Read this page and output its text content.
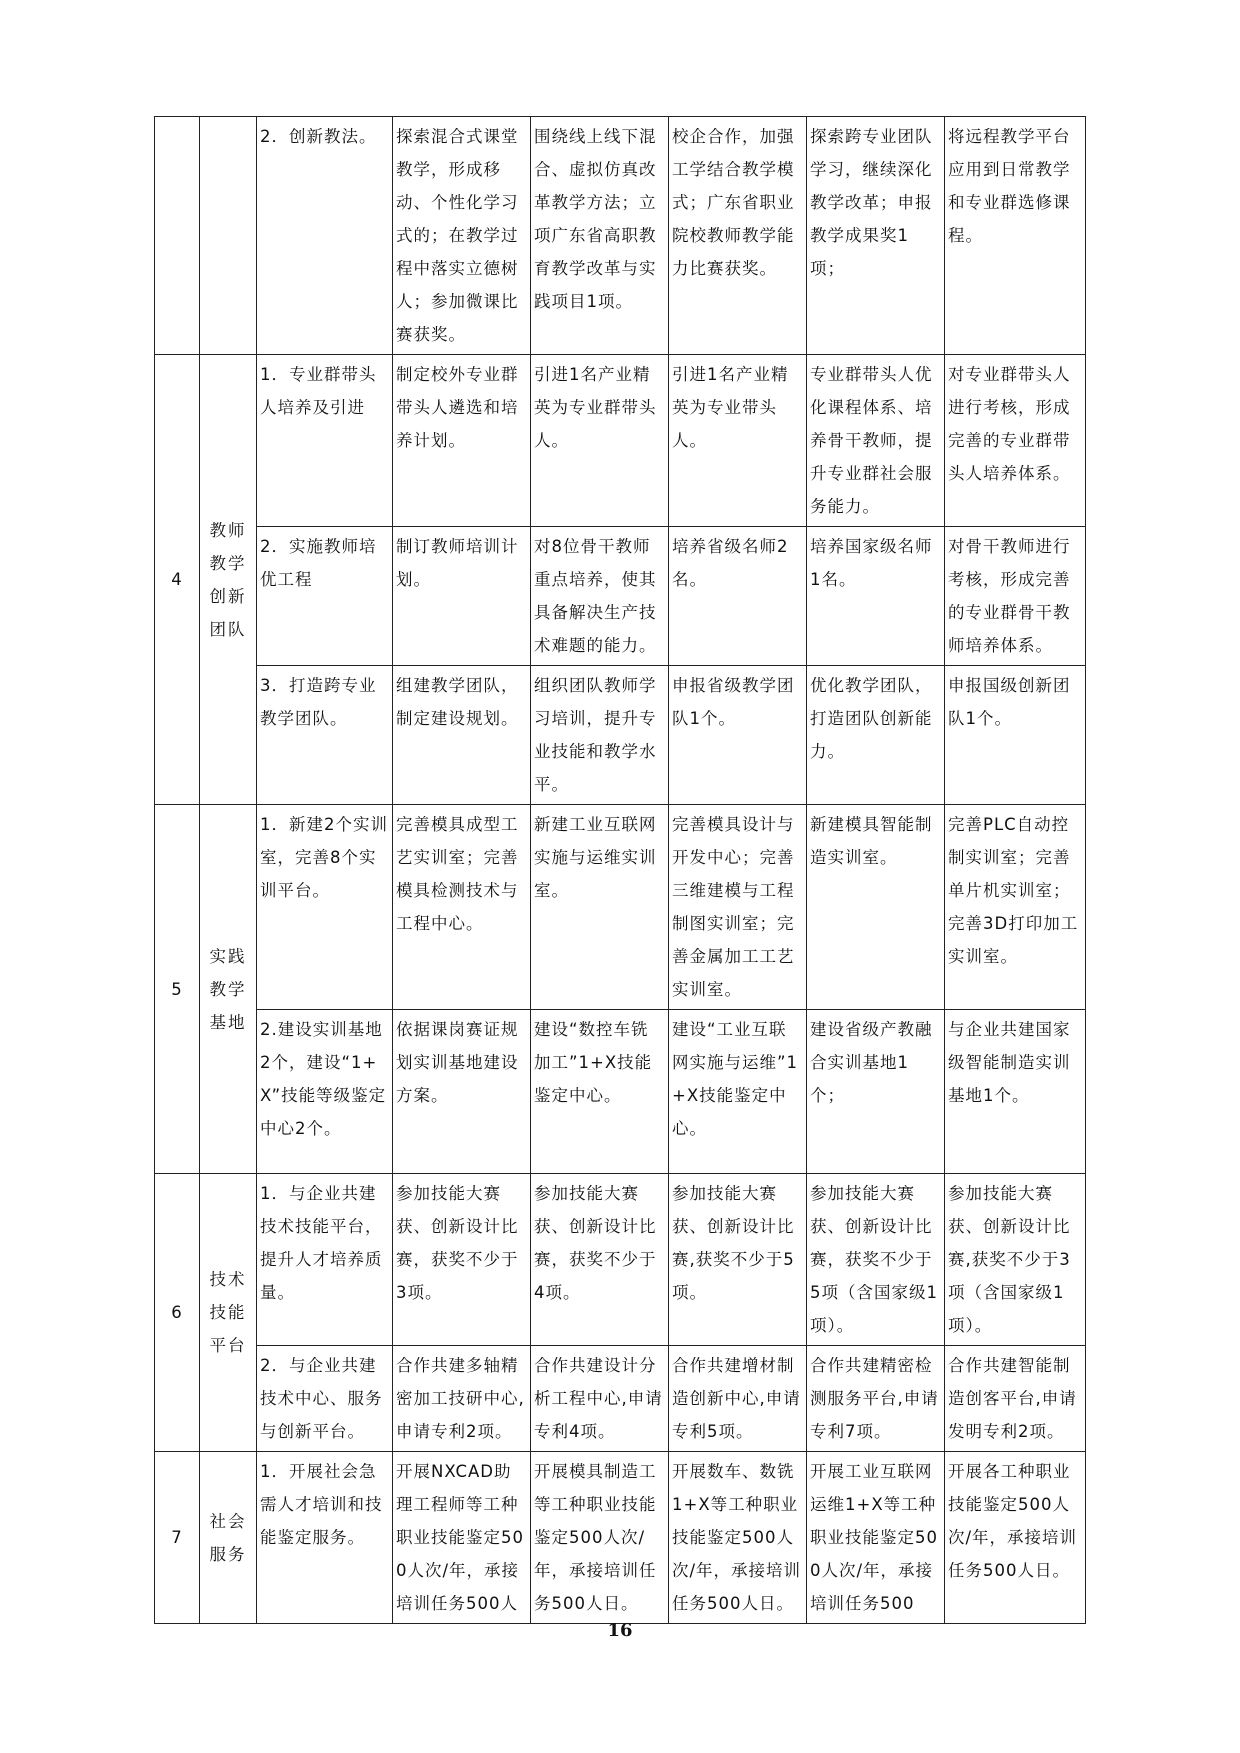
		2．创新教法。	探索混合式课堂教学，形成移动、个性化学习式的；在教学过程中落实立德树人；参加微课比赛获奖。	围绕线上线下混合、虚拟仿真改革教学方法；立项广东省高职教育教学改革与实践项目1项。	校企合作，加强工学结合教学模式；广东省职业院校教师教学能力比赛获奖。	探索跨专业团队学习，继续深化教学改革；申报教学成果奖1项；	将远程教学平台应用到日常教学和专业群选修课程。
4	教师教学创新团队	1．专业群带头人培养及引进	制定校外专业群带头人遴选和培养计划。	引进1名产业精英为专业群带头人。	引进1名产业精英为专业带头人。	专业群带头人优化课程体系、培养骨干教师，提升专业群社会服务能力。	对专业群带头人进行考核，形成完善的专业群带头人培养体系。
		2．实施教师培优工程	制订教师培训计划。	对8位骨干教师重点培养，使其具备解决生产技术难题的能力。	培养省级名师2名。	培养国家级名师1名。	对骨干教师进行考核，形成完善的专业群骨干教师培养体系。
		3．打造跨专业教学团队。	组建教学团队，制定建设规划。	组织团队教师学习培训，提升专业技能和教学水平。	申报省级教学团队1个。	优化教学团队，打造团队创新能力。	申报国级创新团队1个。
5	实践教学基地	1．新建2个实训室，完善8个实训平台。	完善模具成型工艺实训室；完善模具检测技术与工程中心。	新建工业互联网实施与运维实训室。	完善模具设计与开发中心；完善三维建模与工程制图实训室；完善金属加工工艺实训室。	新建模具智能制造实训室。	完善PLC自动控制实训室；完善单片机实训室；完善3D打印加工实训室。
		2.建设实训基地2个，建设“1+X”技能等级鉴定中心2个。	依据课岗赛证规划实训基地建设方案。	建设“数控车铣加工”1+X技能鉴定中心。	建设“工业互联网实施与运维”1+X技能鉴定中心。	建设省级产教融合实训基地1个；	与企业共建国家级智能制造实训基地1个。
6	技术技能平台	1．与企业共建技术技能平台，提升人才培养质量。	参加技能大赛获、创新设计比赛，获奖不少于3项。	参加技能大赛获、创新设计比赛，获奖不少于4项。	参加技能大赛获、创新设计比赛,获奖不少于5项。	参加技能大赛获、创新设计比赛，获奖不少于5项（含国家级1项）。	参加技能大赛获、创新设计比赛,获奖不少于3项（含国家级1项）。
		2．与企业共建技术中心、服务与创新平台。	合作共建多轴精密加工技研中心,申请专利2项。	合作共建设计分析工程中心,申请专利4项。	合作共建增材制造创新中心,申请专利5项。	合作共建精密检测服务平台,申请专利7项。	合作共建智能制造创客平台,申请发明专利2项。
7	社会服务	1．开展社会急需人才培训和技能鉴定服务。	开展NXCAD助理工程师等工种职业技能鉴定500人次/年，承接培训任务500人	开展模具制造工等工种职业技能鉴定500人次/年，承接培训任务500人日。	开展数车、数铣1+X等工种职业技能鉴定500人次/年，承接培训任务500人日。	开展工业互联网运维1+X等工种职业技能鉴定500人次/年，承接培训任务500	开展各工种职业技能鉴定500人次/年，承接培训任务500人日。
16
